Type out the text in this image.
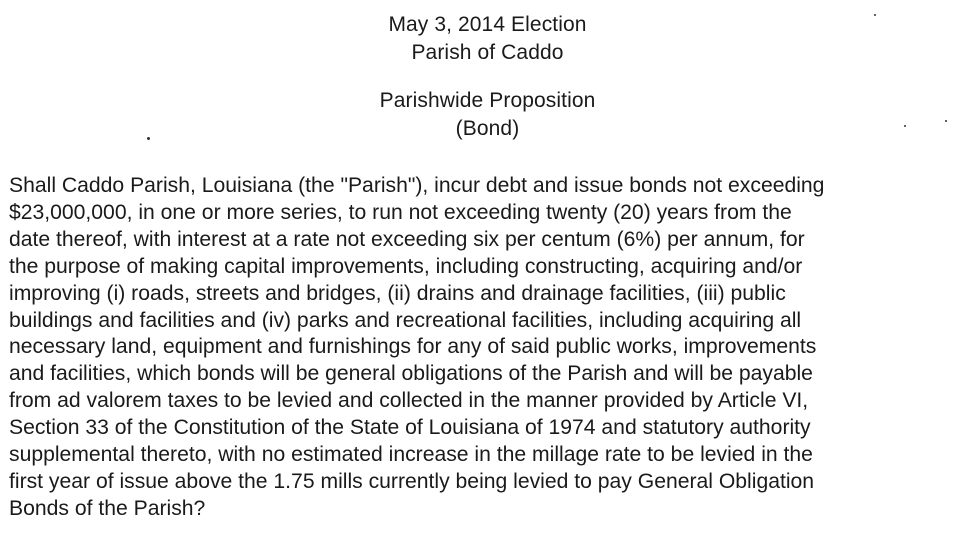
May 3, 2014 Election
Parish of Caddo
Parishwide Proposition
(Bond)
Shall Caddo Parish, Louisiana (the "Parish"), incur debt and issue bonds not exceeding
$23,000,000, in one or more series, to run not exceeding twenty (20) years from the
date thereof, with interest at a rate not exceeding six per centum (6%) per annum, for
the purpose of making capital improvements, including constructing, acquiring and/or
improving (i) roads, streets and bridges, (ii) drains and drainage facilities, (iii) public
buildings and facilities and (iv) parks and recreational facilities, including acquiring all
necessary land, equipment and furnishings for any of said public works, improvements
and facilities, which bonds will be general obligations of the Parish and will be payable
from ad valorem taxes to be levied and collected in the manner provided by Article VI,
Section 33 of the Constitution of the State of Louisiana of 1974 and statutory authority
supplemental thereto, with no estimated increase in the millage rate to be levied in the
first year of issue above the 1.75 mills currently being levied to pay General Obligation
Bonds of the Parish?
